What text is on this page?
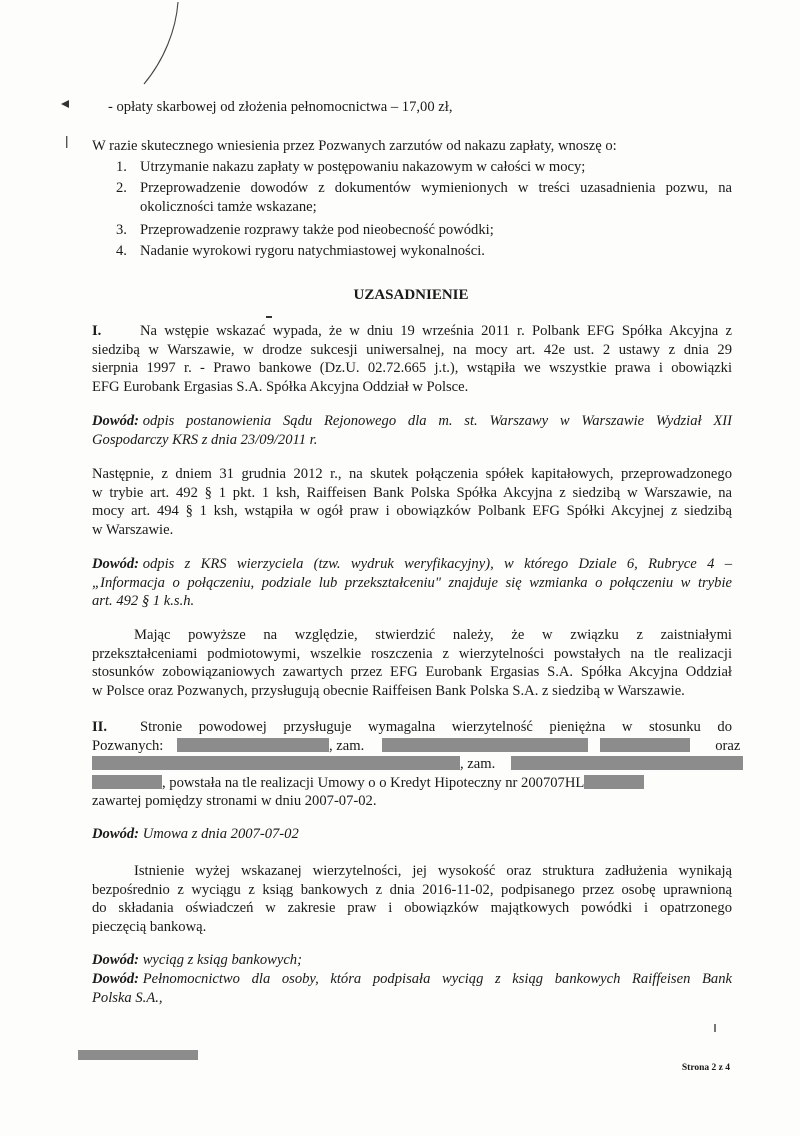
- opłaty skarbowej od złożenia pełnomocnictwa – 17,00 zł,
W razie skutecznego wniesienia przez Pozwanych zarzutów od nakazu zapłaty, wnoszę o:
1. Utrzymanie nakazu zapłaty w postępowaniu nakazowym w całości w mocy;
2. Przeprowadzenie dowodów z dokumentów wymienionych w treści uzasadnienia pozwu, na
okoliczności tamże wskazane;
3. Przeprowadzenie rozprawy także pod nieobecność powódki;
4. Nadanie wyrokowi rygoru natychmiastowej wykonalności.
UZASADNIENIE
I.	Na wstępie wskazać wypada, że w dniu 19 września 2011 r. Polbank EFG Spółka Akcyjna z
siedzibą w Warszawie, w drodze sukcesji uniwersalnej, na mocy art. 42e ust. 2 ustawy z dnia 29
sierpnia 1997 r. - Prawo bankowe (Dz.U. 02.72.665 j.t.), wstąpiła we wszystkie prawa i obowiązki
EFG Eurobank Ergasias S.A. Spółka Akcyjna Oddział w Polsce.
Dowód: odpis postanowienia Sądu Rejonowego dla m. st. Warszawy w Warszawie Wydział XII
Gospodarczy KRS z dnia 23/09/2011 r.
Następnie, z dniem 31 grudnia 2012 r., na skutek połączenia spółek kapitałowych, przeprowadzonego
w trybie art. 492 § 1 pkt. 1 ksh, Raiffeisen Bank Polska Spółka Akcyjna z siedzibą w Warszawie, na
mocy art. 494 § 1 ksh, wstąpiła w ogół praw i obowiązków Polbank EFG Spółki Akcyjnej z siedzibą
w Warszawie.
Dowód: odpis z KRS wierzyciela (tzw. wydruk weryfikacyjny), w którego Dziale 6, Rubryce 4 –
„Informacja o połączeniu, podziale lub przekształceniu" znajduje się wzmianka o połączeniu w trybie
art. 492 § 1 k.s.h.
Mając powyższe na względzie, stwierdzić należy, że w związku z zaistniałymi
przekształceniami podmiotowymi, wszelkie roszczenia z wierzytelności powstałych na tle realizacji
stosunków zobowiązaniowych zawartych przez EFG Eurobank Ergasias S.A. Spółka Akcyjna Oddział
w Polsce oraz Pozwanych, przysługują obecnie Raiffeisen Bank Polska S.A. z siedzibą w Warszawie.
II.	Stronie powodowej przysługuje wymagalna wierzytelność pieniężna w stosunku do
Pozwanych:	, zam.	oraz
, zam.
, powstała na tle realizacji Umowy o o Kredyt Hipoteczny nr 200707HL
zawartej pomiędzy stronami w dniu 2007-07-02.
Dowód: Umowa z dnia 2007-07-02
Istnienie wyżej wskazanej wierzytelności, jej wysokość oraz struktura zadłużenia wynikają
bezpośrednio z wyciągu z ksiąg bankowych z dnia 2016-11-02, podpisanego przez osobę uprawnioną
do składania oświadczeń w zakresie praw i obowiązków majątkowych powódki i opatrzonego
pieczęcią bankową.
Dowód: wyciąg z ksiąg bankowych;
Dowód: Pełnomocnictwo dla osoby, która podpisała wyciąg z ksiąg bankowych Raiffeisen Bank
Polska S.A.,
Strona 2 z 4
